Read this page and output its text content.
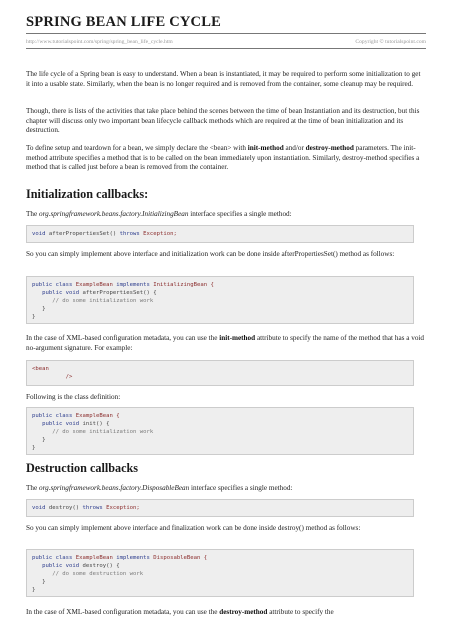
SPRING BEAN LIFE CYCLE
http://www.tutorialspoint.com/spring/spring_bean_life_cycle.htm	Copyright © tutorialspoint.com

The life cycle of a Spring bean is easy to understand. When a bean is instantiated, it may be required to perform some initialization to get it into a usable state. Similarly, when the bean is no longer required and is removed from the container, some cleanup may be required.

Though, there is lists of the activities that take place behind the scenes between the time of bean Instantiation and its destruction, but this chapter will discuss only two important bean lifecycle callback methods which are required at the time of bean initialization and its destruction.

To define setup and teardown for a bean, we simply declare the <bean> with init-method and/or destroy-method parameters. The init-method attribute specifies a method that is to be called on the bean immediately upon instantiation. Similarly, destroy-method specifies a method that is called just before a bean is removed from the container.

Initialization callbacks:

The org.springframework.beans.factory.InitializingBean interface specifies a single method:

void afterPropertiesSet() throws Exception;

So you can simply implement above interface and initialization work can be done inside afterPropertiesSet() method as follows:

public class ExampleBean implements InitializingBean {
public void afterPropertiesSet() {
// do some initialization work
}
}

In the case of XML-based configuration metadata, you can use the init-method attribute to specify the name of the method that has a void no-argument signature. For example:

<bean
/>

Following is the class definition:

public class ExampleBean {
public void init() {
// do some initialization work
}
}
Destruction callbacks

The org.springframework.beans.factory.DisposableBean interface specifies a single method:

void destroy() throws Exception;

So you can simply implement above interface and finalization work can be done inside destroy() method as follows:

public class ExampleBean implements DisposableBean {
public void destroy() {
// do some destruction work
}
}

In the case of XML-based configuration metadata, you can use the destroy-method attribute to specify the
